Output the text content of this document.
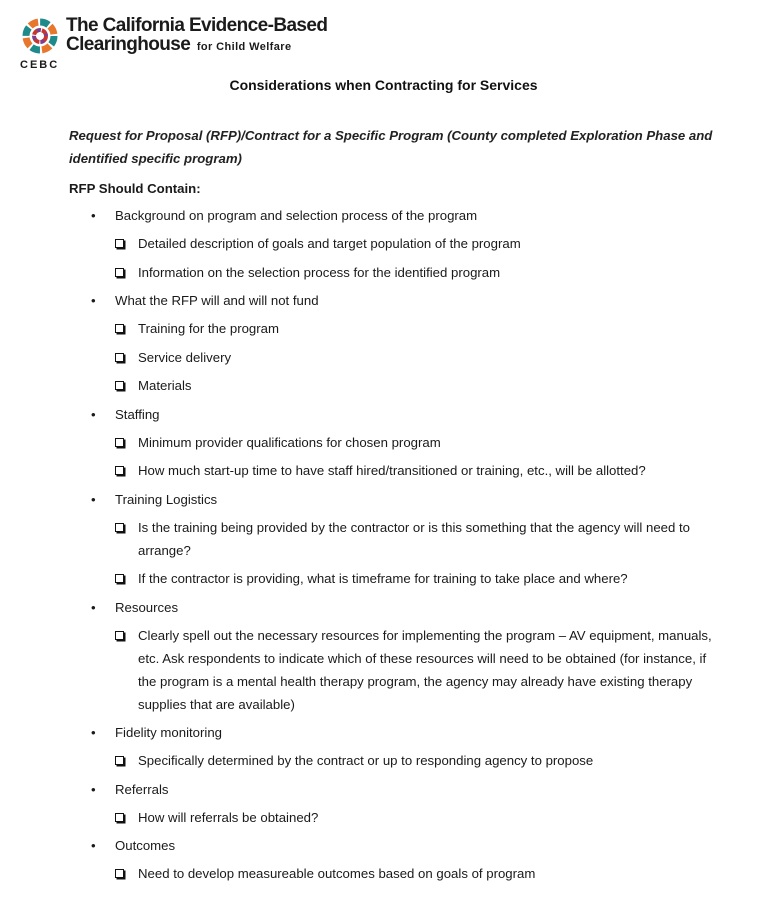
The California Evidence-Based
Clearinghouse for Child Welfare
CEBC
Considerations when Contracting for Services

Request for Proposal (RFP)/Contract for a Specific Program (County completed Exploration Phase and identified specific program)

RFP Should Contain:
• Background on program and selection process of the program
Detailed description of goals and target population of the program
Information on the selection process for the identified program
• What the RFP will and will not fund
Training for the program
Service delivery
Materials
• Staffing
Minimum provider qualifications for chosen program
How much start-up time to have staff hired/transitioned or training, etc., will be allotted?
• Training Logistics
Is the training being provided by the contractor or is this something that the agency will need to arrange?
If the contractor is providing, what is timeframe for training to take place and where?
• Resources
Clearly spell out the necessary resources for implementing the program – AV equipment, manuals, etc. Ask respondents to indicate which of these resources will need to be obtained (for instance, if the program is a mental health therapy program, the agency may already have existing therapy supplies that are available)
• Fidelity monitoring
Specifically determined by the contract or up to responding agency to propose
• Referrals
How will referrals be obtained?
• Outcomes
Need to develop measureable outcomes based on goals of program
